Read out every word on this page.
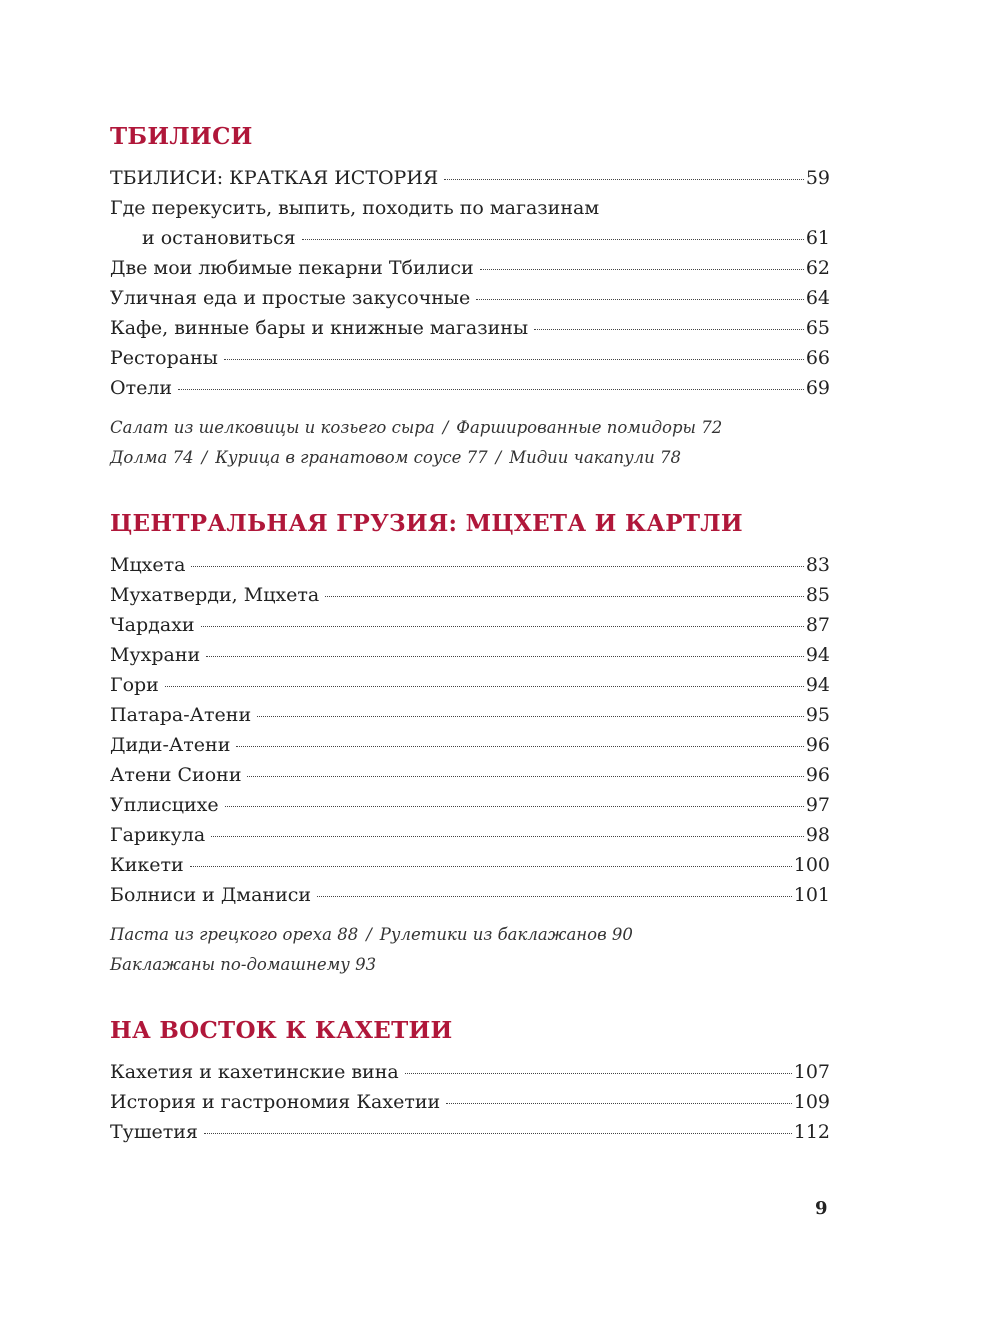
ТБИЛИСИ
ТБИЛИСИ: КРАТКАЯ ИСТОРИЯ	59
Где перекусить, выпить, походить по магазинам
и остановиться	61
Две мои любимые пекарни Тбилиси	62
Уличная еда и простые закусочные	64
Кафе, винные бары и книжные магазины	65
Рестораны	66
Отели	69
Салат из шелковицы и козьего сыра / Фаршированные помидоры 72
Долма 74 / Курица в гранатовом соусе 77 / Мидии чакапули 78
ЦЕНТРАЛЬНАЯ ГРУЗИЯ: МЦХЕТА И КАРТЛИ
Мцхета	83
Мухатверди, Мцхета	85
Чардахи	87
Мухрани	94
Гори	94
Патара-Атени	95
Диди-Атени	96
Атени Сиони	96
Уплисцихе	97
Гарикула	98
Кикети	100
Болниси и Дманиси	101
Паста из грецкого ореха 88 / Рулетики из баклажанов 90
Баклажаны по-домашнему 93
НА ВОСТОК К КАХЕТИИ
Кахетия и кахетинские вина	107
История и гастрономия Кахетии	109
Тушетия	112
9
